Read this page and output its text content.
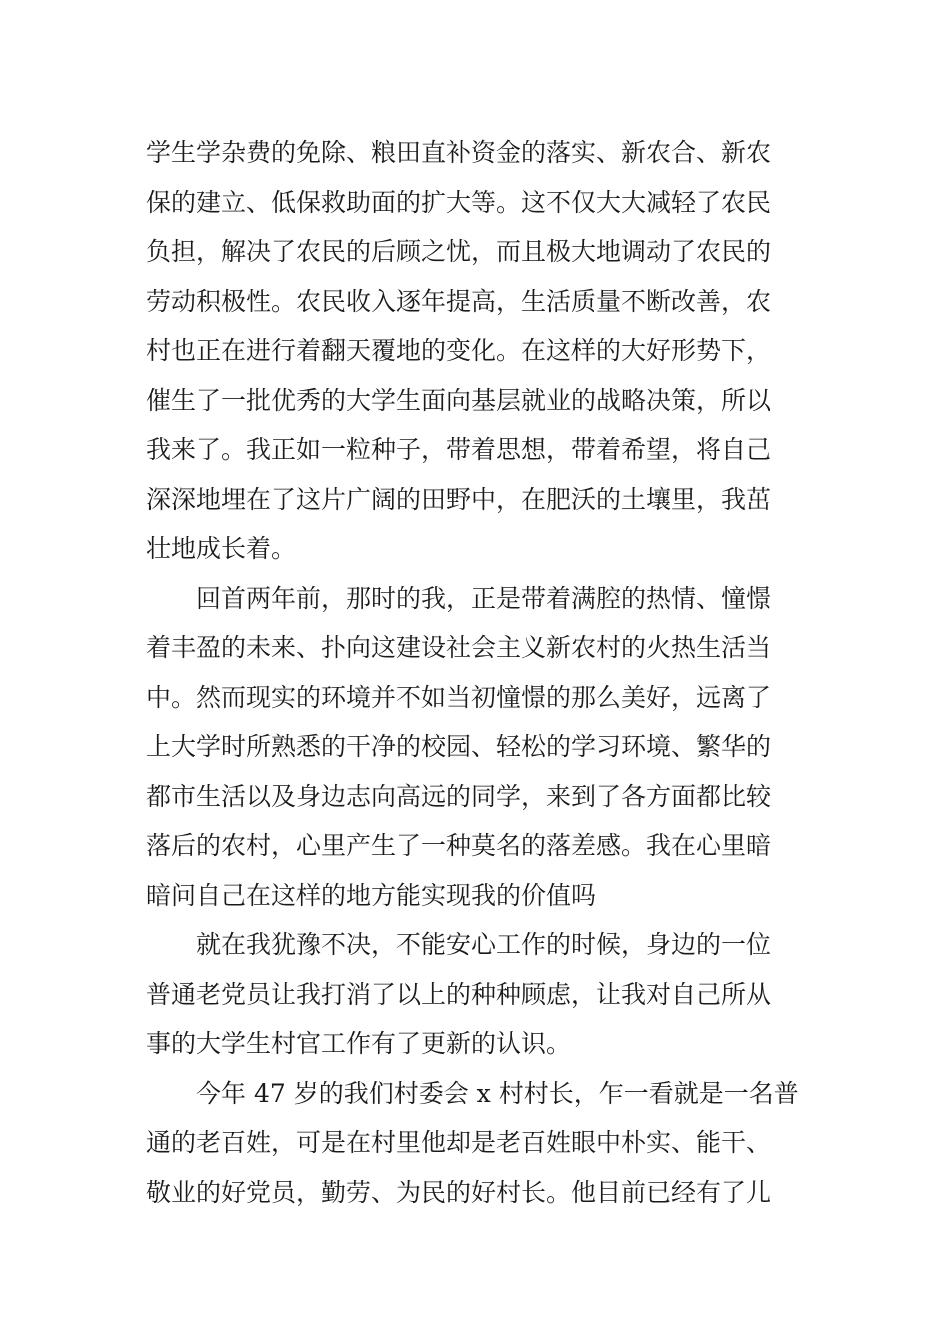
学生学杂费的免除、粮田直补资金的落实、新农合、新农
保的建立、低保救助面的扩大等。这不仅大大减轻了农民
负担，解决了农民的后顾之忧，而且极大地调动了农民的
劳动积极性。农民收入逐年提高，生活质量不断改善，农
村也正在进行着翻天覆地的变化。在这样的大好形势下，
催生了一批优秀的大学生面向基层就业的战略决策，所以
我来了。我正如一粒种子，带着思想，带着希望，将自己
深深地埋在了这片广阔的田野中，在肥沃的土壤里，我茁
壮地成长着。

回首两年前，那时的我，正是带着满腔的热情、憧憬
着丰盈的未来、扑向这建设社会主义新农村的火热生活当
中。然而现实的环境并不如当初憧憬的那么美好，远离了
上大学时所熟悉的干净的校园、轻松的学习环境、繁华的
都市生活以及身边志向高远的同学，来到了各方面都比较
落后的农村，心里产生了一种莫名的落差感。我在心里暗
暗问自己在这样的地方能实现我的价值吗

就在我犹豫不决，不能安心工作的时候，身边的一位
普通老党员让我打消了以上的种种顾虑，让我对自己所从
事的大学生村官工作有了更新的认识。

今年 47 岁的我们村委会 x 村村长，乍一看就是一名普
通的老百姓，可是在村里他却是老百姓眼中朴实、能干、
敬业的好党员，勤劳、为民的好村长。他目前已经有了儿
